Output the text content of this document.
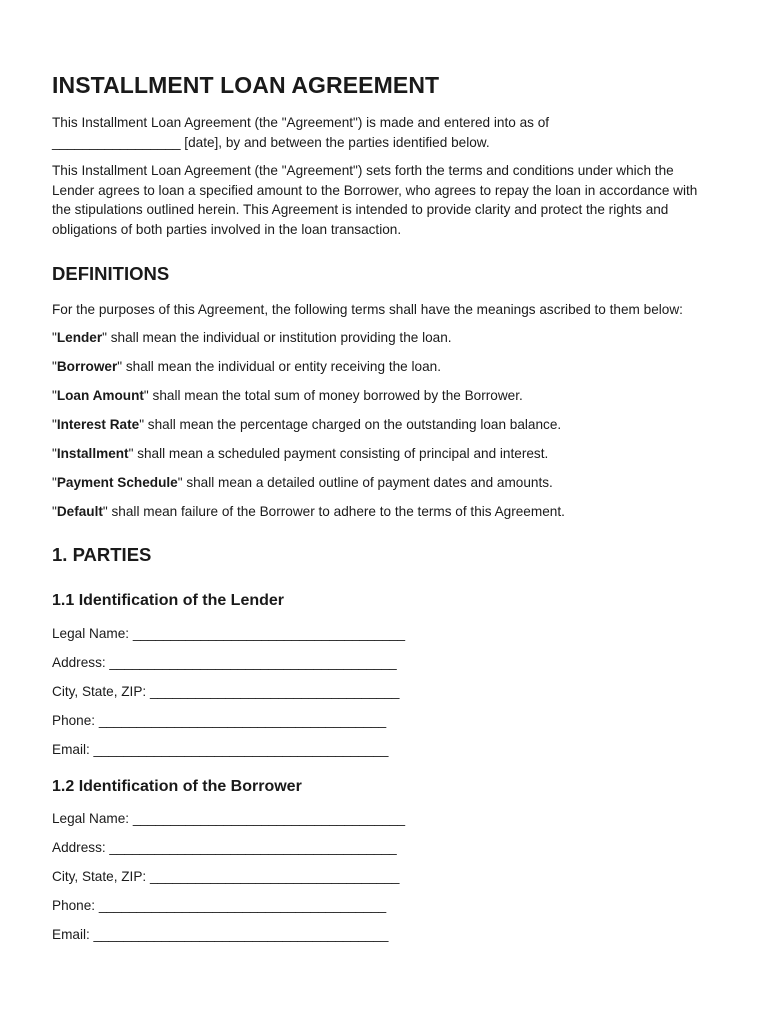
INSTALLMENT LOAN AGREEMENT

This Installment Loan Agreement (the "Agreement") is made and entered into as of
_________________ [date], by and between the parties identified below.

This Installment Loan Agreement (the "Agreement") sets forth the terms and conditions under which the Lender agrees to loan a specified amount to the Borrower, who agrees to repay the loan in accordance with the stipulations outlined herein. This Agreement is intended to provide clarity and protect the rights and obligations of both parties involved in the loan transaction.

DEFINITIONS

For the purposes of this Agreement, the following terms shall have the meanings ascribed to them below:

"Lender" shall mean the individual or institution providing the loan.

"Borrower" shall mean the individual or entity receiving the loan.

"Loan Amount" shall mean the total sum of money borrowed by the Borrower.

"Interest Rate" shall mean the percentage charged on the outstanding loan balance.

"Installment" shall mean a scheduled payment consisting of principal and interest.

"Payment Schedule" shall mean a detailed outline of payment dates and amounts.

"Default" shall mean failure of the Borrower to adhere to the terms of this Agreement.

1. PARTIES
1.1 Identification of the Lender

Legal Name: ____________________________________

Address: ______________________________________

City, State, ZIP: _________________________________

Phone: ______________________________________

Email: _______________________________________

1.2 Identification of the Borrower

Legal Name: ____________________________________

Address: ______________________________________

City, State, ZIP: _________________________________

Phone: ______________________________________

Email: _______________________________________
